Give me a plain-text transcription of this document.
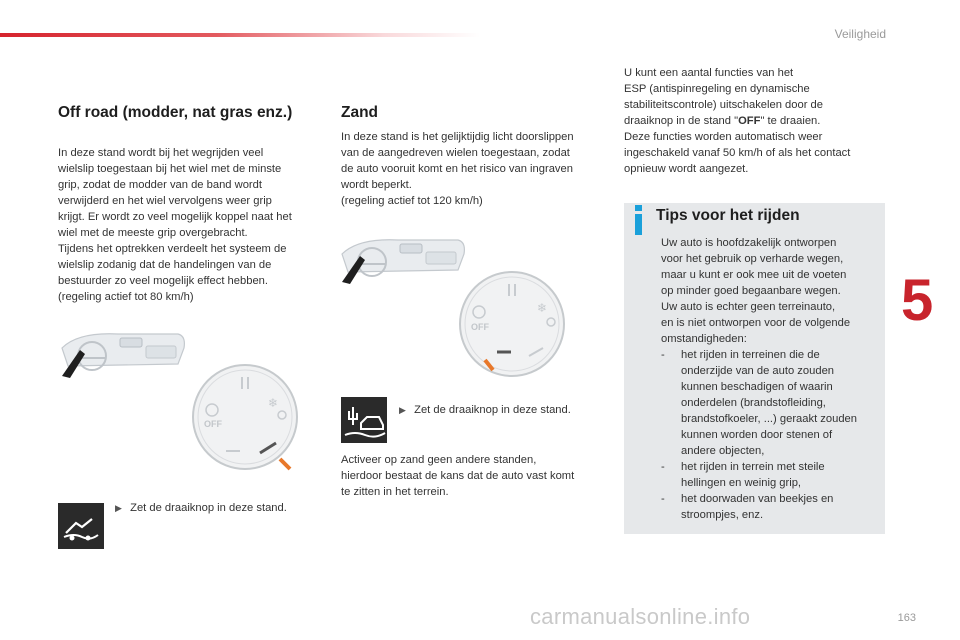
Veiligheid
5
163
carmanualsonline.info
Off road (modder, nat gras enz.)

In deze stand wordt bij het wegrijden veel

wielslip toegestaan bij het wiel met de minste

grip, zodat de modder van de band wordt

verwijderd en het wiel vervolgens weer grip

krijgt. Er wordt zo veel mogelijk koppel naat het

wiel met de meeste grip overgebracht.

Tijdens het optrekken verdeelt het systeem de

wielslip zodanig dat de handelingen van de

bestuurder zo veel mogelijk effect hebben.

(regeling actief tot 80 km/h)

OFF
❄
▶ Zet de draaiknop in deze stand.
Zand

In deze stand is het gelijktijdig licht doorslippen

van de aangedreven wielen toegestaan, zodat

de auto vooruit komt en het risico van ingraven

wordt beperkt.

(regeling actief tot 120 km/h)

OFF
❄
▶ Zet de draaiknop in deze stand.

Activeer op zand geen andere standen,

hierdoor bestaat de kans dat de auto vast komt

te zitten in het terrein.

U kunt een aantal functies van het

ESP (antispinregeling en dynamische

stabiliteitscontrole) uitschakelen door de

draaiknop in de stand "OFF" te draaien.

Deze functies worden automatisch weer

ingeschakeld vanaf 50 km/h of als het contact

opnieuw wordt aangezet.

Tips voor het rijden

Uw auto is hoofdzakelijk ontworpen

voor het gebruik op verharde wegen,

maar u kunt er ook mee uit de voeten

op minder goed begaanbare wegen.

Uw auto is echter geen terreinauto,

en is niet ontworpen voor de volgende

omstandigheden:

- het rijden in terreinen die de
onderzijde van de auto zouden
kunnen beschadigen of waarin
onderdelen (brandstofleiding,
brandstofkoeler, ...) geraakt zouden
kunnen worden door stenen of
andere objecten,
- het rijden in terrein met steile
hellingen en weinig grip,
- het doorwaden van beekjes en
stroompjes, enz.
